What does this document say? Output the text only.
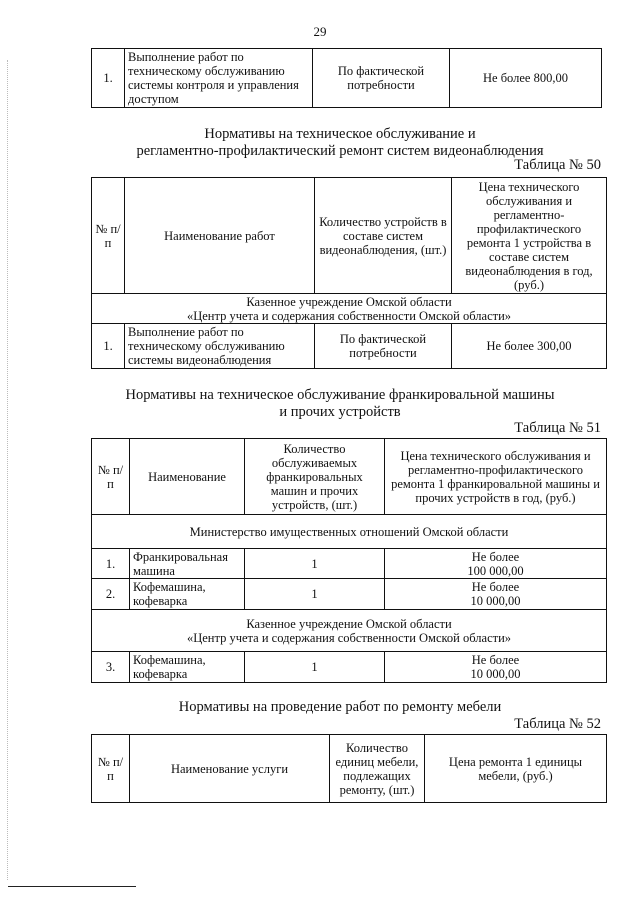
29
1.	Выполнение работ по техническому обслуживанию системы контроля и управления доступом	По фактической потребности	Не более 800,00
Нормативы на техническое обслуживание и
регламентно-профилактический ремонт систем видеонаблюдения
Таблица № 50
№ п/п	Наименование работ	Количество устройств в составе систем видеонаблюдения, (шт.)	Цена технического обслуживания и регламентно-профилактического ремонта 1 устройства в составе систем видеонаблюдения в год, (руб.)

Казенное учреждение Омской области
«Центр учета и содержания собственности Омской области»			

1.	Выполнение работ по техническому обслуживанию системы видеонаблюдения	По фактической потребности	Не более 300,00
Нормативы на техническое обслуживание франкировальной машины
и прочих устройств
Таблица № 51
№ п/п	Наименование	Количество обслуживаемых франкировальных машин и прочих устройств, (шт.)	Цена технического обслуживания и регламентно-профилактического ремонта 1 франкировальной машины и прочих устройств в год, (руб.)
Министерство имущественных отношений Омской области			
1.	Франкировальная машина	1	Не более
100 000,00

2.	Кофемашина, кофеварка	1	Не более
10 000,00

Казенное учреждение Омской области
«Центр учета и содержания собственности Омской области»			

3.	Кофемашина, кофеварка	1	Не более
10 000,00
Нормативы на проведение работ по ремонту мебели
Таблица № 52
№ п/п	Наименование услуги	Количество единиц мебели, подлежащих ремонту, (шт.)	Цена ремонта 1 единицы мебели, (руб.)
